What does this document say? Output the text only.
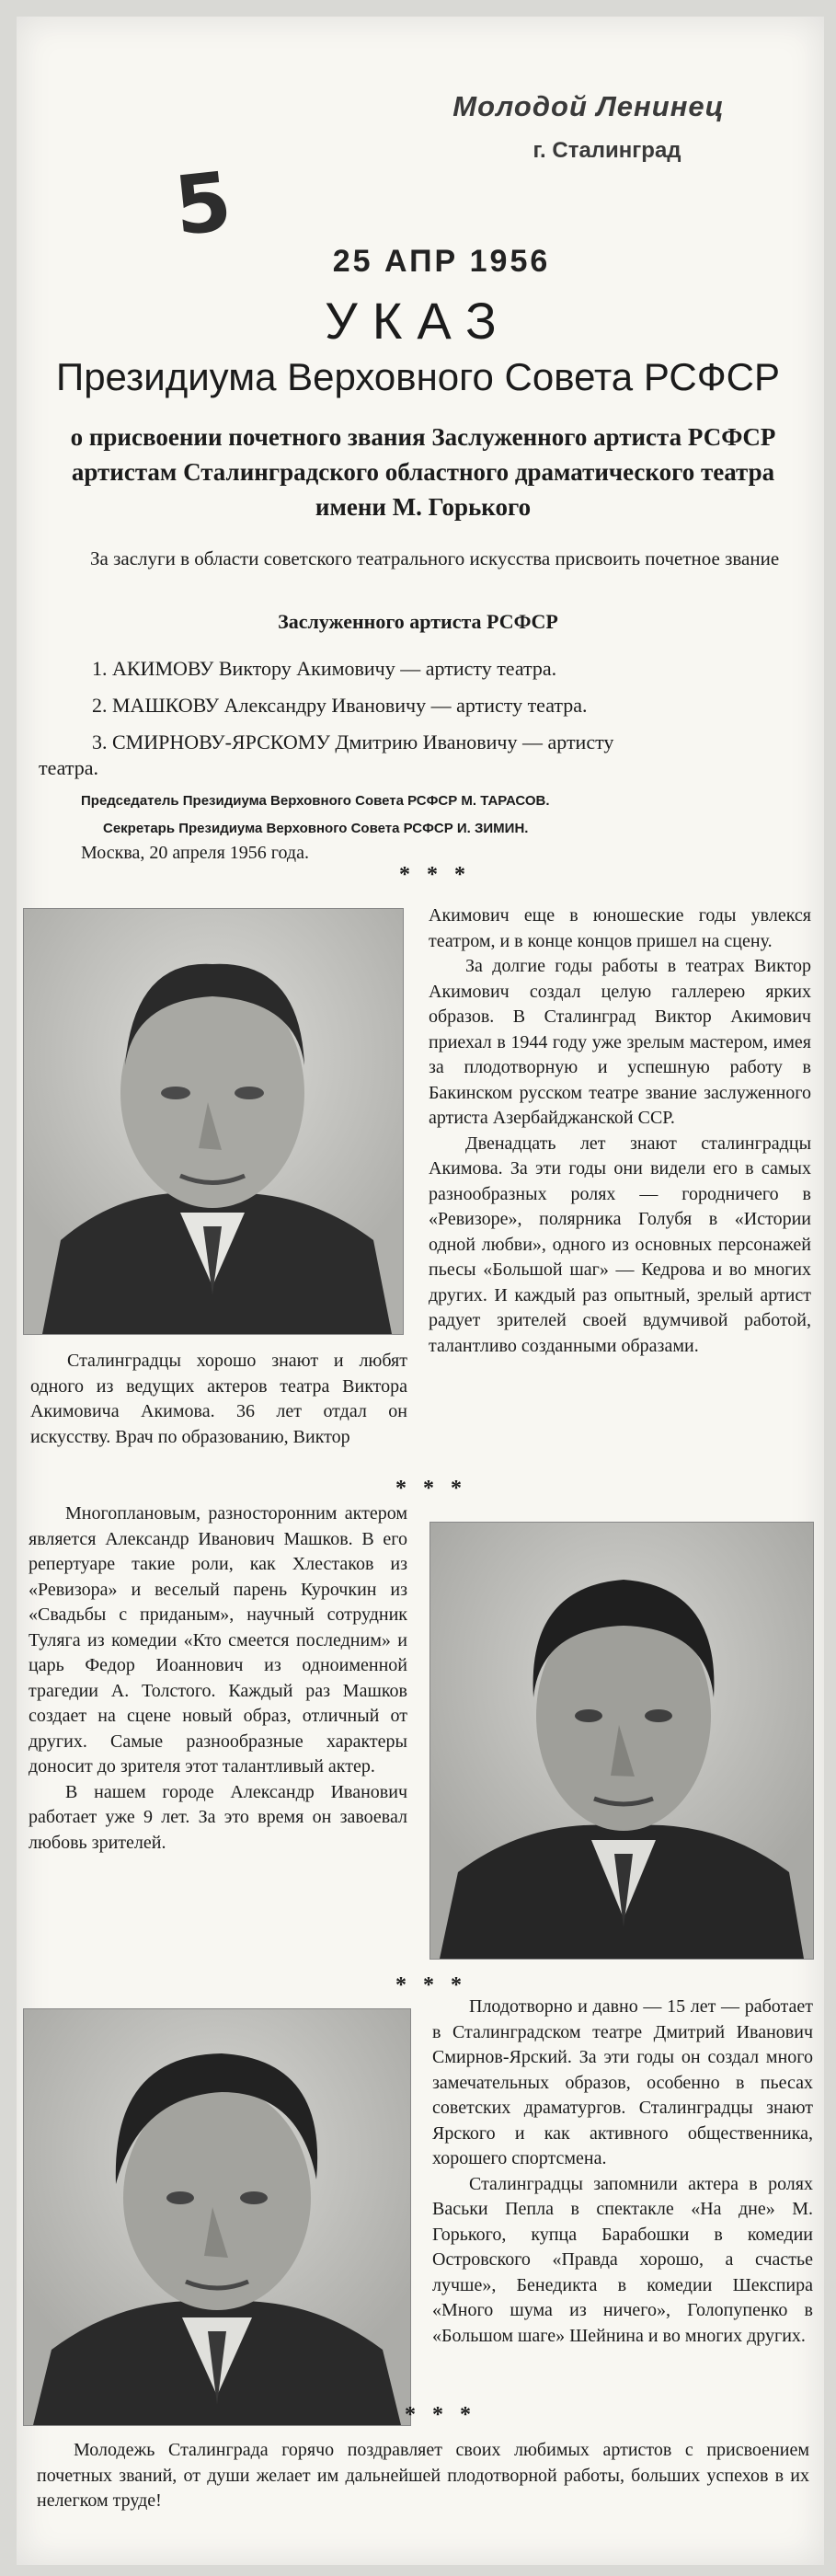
Молодой Ленинец
г. Сталинград
5
25 АПР 1956
УКАЗ
Президиума Верховного Совета РСФСР
о присвоении почетного звания Заслуженного артиста РСФСР артистам Сталинградского областного драматического театра имени М. Горького
За заслуги в области советского театрального искусства присвоить почетное звание
Заслуженного артиста РСФСР
1. АКИМОВУ Виктору Акимовичу — артисту театра.
2. МАШКОВУ Александру Ивановичу — артисту театра.
3. СМИРНОВУ-ЯРСКОМУ Дмитрию Ивановичу — артисту
театра.
Председатель Президиума Верховного Совета РСФСР М. ТАРАСОВ.
Секретарь Президиума Верховного Совета РСФСР И. ЗИМИН.
Москва, 20 апреля 1956 года.
* * *

Акимович еще в юношеские годы увлекся театром, и в конце концов пришел на сцену.

За долгие годы работы в театрах Виктор Акимович создал целую галлерею ярких образов. В Сталинград Виктор Акимович приехал в 1944 году уже зрелым мастером, имея за плодотворную и успешную работу в Бакинском русском театре звание заслуженного артиста Азербайджанской ССР.

Двенадцать лет знают сталинградцы Акимова. За эти годы они видели его в самых разнообразных ролях — городничего в «Ревизоре», полярника Голубя в «Истории одной любви», одного из основных персонажей пьесы «Большой шаг» — Кедрова и во многих других. И каждый раз опытный, зрелый артист радует зрителей своей вдумчивой работой, талантливо созданными образами.

Сталинградцы хорошо знают и любят одного из ведущих актеров театра Виктора Акимовича Акимова. 36 лет отдал он искусству. Врач по образованию, Виктор
* * *

Многоплановым, разносторонним актером является Александр Иванович Машков. В его репертуаре такие роли, как Хлестаков из «Ревизора» и веселый парень Курочкин из «Свадьбы с приданым», научный сотрудник Туляга из комедии «Кто смеется последним» и царь Федор Иоаннович из одноименной трагедии А. Толстого. Каждый раз Машков создает на сцене новый образ, отличный от других. Самые разнообразные характеры доносит до зрителя этот талантливый актер.

В нашем городе Александр Иванович работает уже 9 лет. За это время он завоевал любовь зрителей.

* * *

Плодотворно и давно — 15 лет — работает в Сталинградском театре Дмитрий Иванович Смирнов-Ярский. За эти годы он создал много замечательных образов, особенно в пьесах советских драматургов. Сталинградцы знают Ярского и как активного общественника, хорошего спортсмена.

Сталинградцы запомнили актера в ролях Васьки Пепла в спектакле «На дне» М. Горького, купца Барабошки в комедии Островского «Правда хорошо, а счастье лучше», Бенедикта в комедии Шекспира «Много шума из ничего», Голопупенко в «Большом шаге» Шейнина и во многих других.

* * *
Молодежь Сталинграда горячо поздравляет своих любимых артистов с присвоением почетных званий, от души желает им дальнейшей плодотворной работы, больших успехов в их нелегком труде!
